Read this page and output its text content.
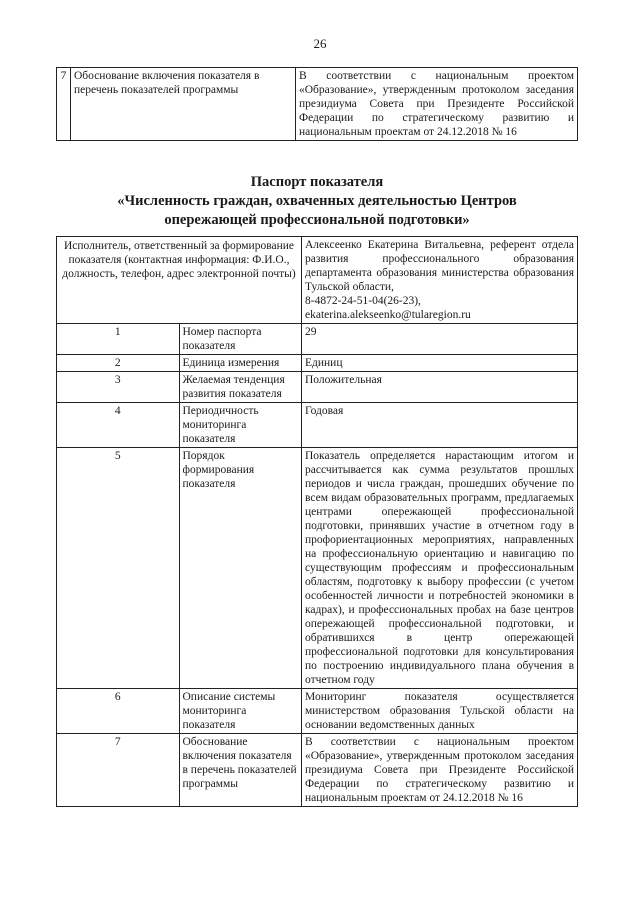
26
7	Обоснование включения показателя в перечень показателей программы	В соответствии с национальным проектом «Образование», утвержденным протоколом заседания президиума Совета при Президенте Российской Федерации по стратегическому развитию и национальным проектам от 24.12.2018 № 16
Паспорт показателя
«Численность граждан, охваченных деятельностью Центров
опережающей профессиональной подготовки»
Исполнитель, ответственный за формирование показателя (контактная информация: Ф.И.О., должность, телефон, адрес электронной почты)		Алексеенко Екатерина Витальевна, референт отдела развития профессионального образования департамента образования министерства образования Тульской области,
8-4872-24-51-04(26-23),
ekaterina.alekseenko@tularegion.ru

1	Номер паспорта показателя	29
2	Единица измерения	Единиц
3	Желаемая тенденция развития показателя	Положительная
4	Периодичность мониторинга показателя	Годовая
5	Порядок формирования показателя	Показатель определяется нарастающим итогом и рассчитывается как сумма результатов прошлых периодов и числа граждан, прошедших обучение по всем видам образовательных программ, предлагаемых центрами опережающей профессиональной подготовки, принявших участие в отчетном году в профориентационных мероприятиях, направленных на профессиональную ориентацию и навигацию по существующим профессиям и профессиональным областям, подготовку к выбору профессии (с учетом особенностей личности и потребностей экономики в кадрах), и профессиональных пробах на базе центров опережающей профессиональной подготовки, и обратившихся в центр опережающей профессиональной подготовки для консультирования по построению индивидуального плана обучения в отчетном году
6	Описание системы мониторинга показателя	Мониторинг показателя осуществляется министерством образования Тульской области на основании ведомственных данных
7	Обоснование включения показателя в перечень показателей программы	В соответствии с национальным проектом «Образование», утвержденным протоколом заседания президиума Совета при Президенте Российской Федерации по стратегическому развитию и национальным проектам от 24.12.2018 № 16
